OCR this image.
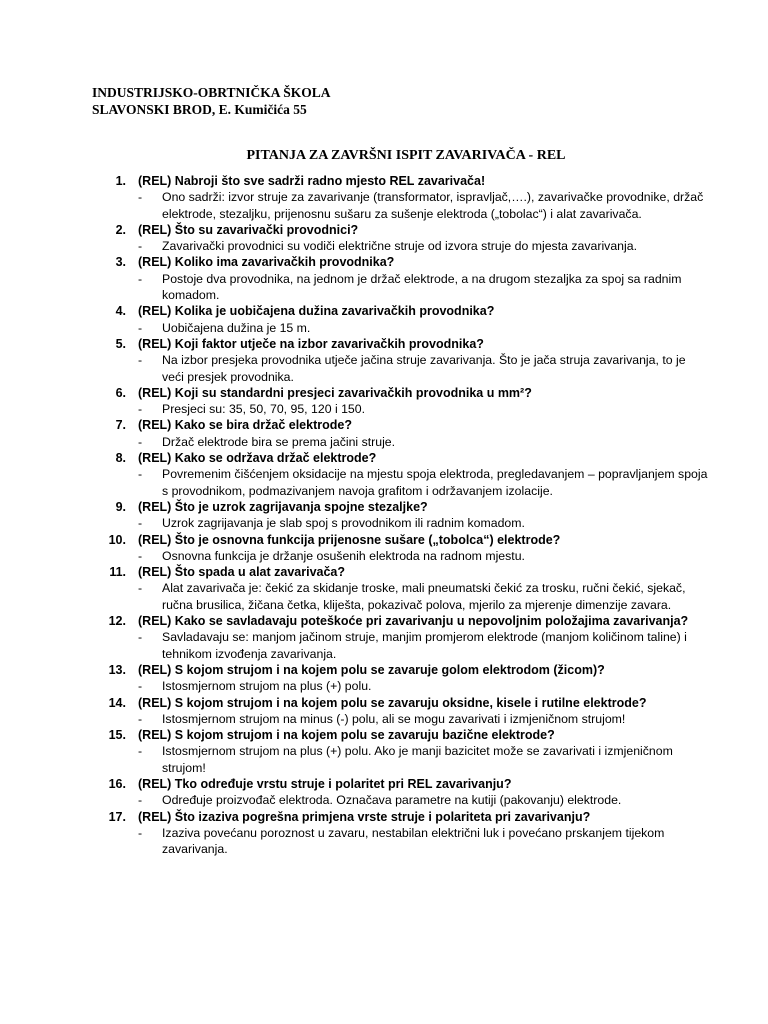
INDUSTRIJSKO-OBRTNIČKA ŠKOLA
SLAVONSKI BROD, E. Kumičića 55
PITANJA ZA ZAVRŠNI ISPIT ZAVARIVAČA - REL
1. (REL) Nabroji što sve sadrži radno mjesto REL zavarivača!
-	Ono sadrži: izvor struje za zavarivanje (transformator, ispravljač,….), zavarivačke provodnike, držač elektrode, stezaljku, prijenosnu sušaru za sušenje elektroda („tobolac“) i alat zavarivača.
2. (REL) Što su zavarivački provodnici?
-	Zavarivački provodnici su vodiči električne struje od izvora struje do mjesta zavarivanja.
3. (REL) Koliko ima zavarivačkih provodnika?
-	Postoje dva provodnika, na jednom je držač elektrode, a na drugom stezaljka za spoj sa radnim komadom.
4. (REL) Kolika je uobičajena dužina zavarivačkih provodnika?
-	Uobičajena dužina je 15 m.
5. (REL) Koji faktor utječe na izbor zavarivačkih provodnika?
-	Na izbor presjeka provodnika utječe jačina struje zavarivanja. Što je jača struja zavarivanja, to je veći presjek provodnika.
6. (REL) Koji su standardni presjeci zavarivačkih provodnika u mm²?
-	Presjeci su: 35, 50, 70, 95, 120 i 150.
7. (REL) Kako se bira držač elektrode?
-	Držač elektrode bira se prema jačini struje.
8. (REL) Kako se održava držač elektrode?
-	Povremenim čišćenjem oksidacije na mjestu spoja elektroda, pregledavanjem – popravljanjem spoja s provodnikom, podmazivanjem navoja grafitom i održavanjem izolacije.
9. (REL) Što je uzrok zagrijavanja spojne stezaljke?
-	Uzrok zagrijavanja je slab spoj s provodnikom ili radnim komadom.
10. (REL) Što je osnovna funkcija prijenosne sušare („tobolca“) elektrode?
-	Osnovna funkcija je držanje osušenih elektroda na radnom mjestu.
11. (REL) Što spada u alat zavarivača?
-	Alat zavarivača je: čekić za skidanje troske, mali pneumatski čekić za trosku, ručni čekić, sjekač, ručna brusilica, žičana četka, kliješta, pokazivač polova, mjerilo za mjerenje dimenzije zavara.
12. (REL) Kako se savladavaju poteškoće pri zavarivanju u nepovoljnim položajima zavarivanja?
-	Savladavaju se: manjom jačinom struje, manjim promjerom elektrode (manjom količinom taline) i tehnikom izvođenja zavarivanja.
13. (REL) S kojom strujom i na kojem polu se zavaruje golom elektrodom (žicom)?
-	Istosmjernom strujom na plus (+) polu.
14. (REL) S kojom strujom i na kojem polu se zavaruju oksidne, kisele i rutilne elektrode?
-	Istosmjernom strujom na minus (-) polu, ali se mogu zavarivati i izmjeničnom strujom!
15. (REL) S kojom strujom i na kojem polu se zavaruju bazične elektrode?
-	Istosmjernom strujom na plus (+) polu. Ako je manji bazicitet može se zavarivati i izmjeničnom strujom!
16. (REL) Tko određuje vrstu struje i polaritet pri REL zavarivanju?
-	Određuje proizvođač elektroda. Označava parametre na kutiji (pakovanju) elektrode.
17. (REL) Što izaziva pogrešna primjena vrste struje i polariteta pri zavarivanju?
-	Izaziva povećanu poroznost u zavaru, nestabilan električni luk i povećano prskanjem tijekom zavarivanja.
